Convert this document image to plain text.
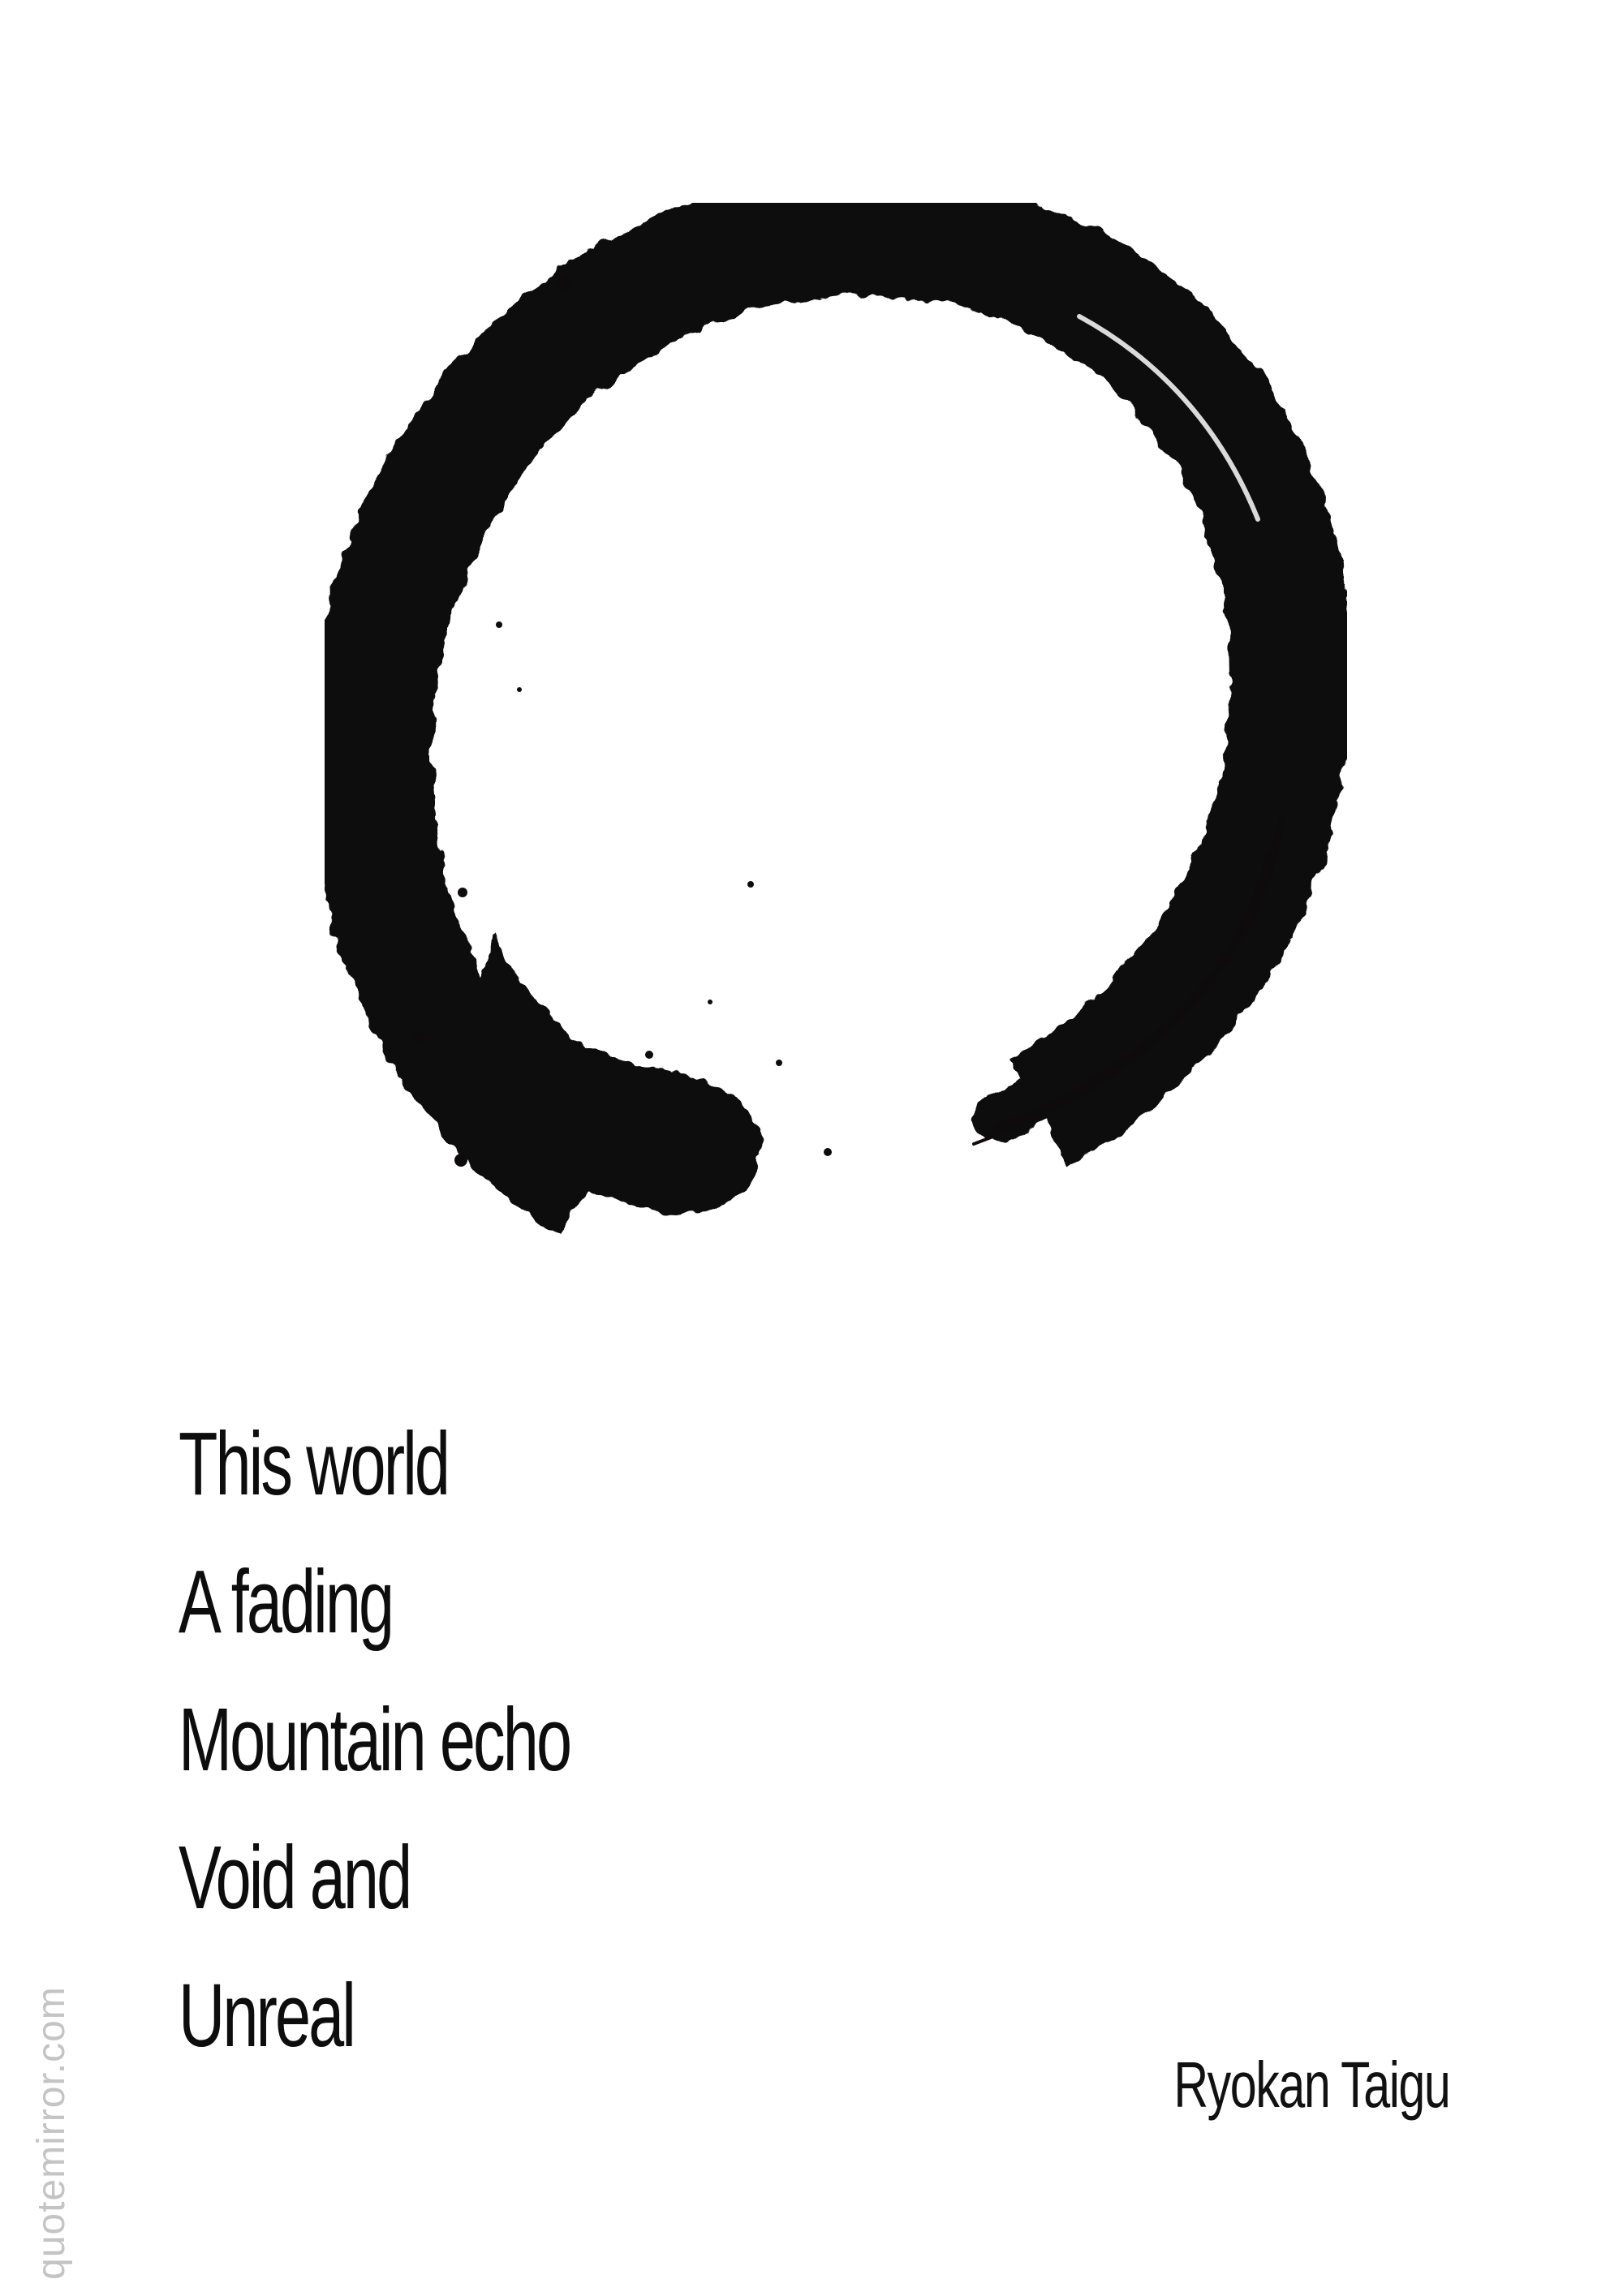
This world
A fading
Mountain echo
Void and
Unreal
Ryokan Taigu
quotemirror.com
